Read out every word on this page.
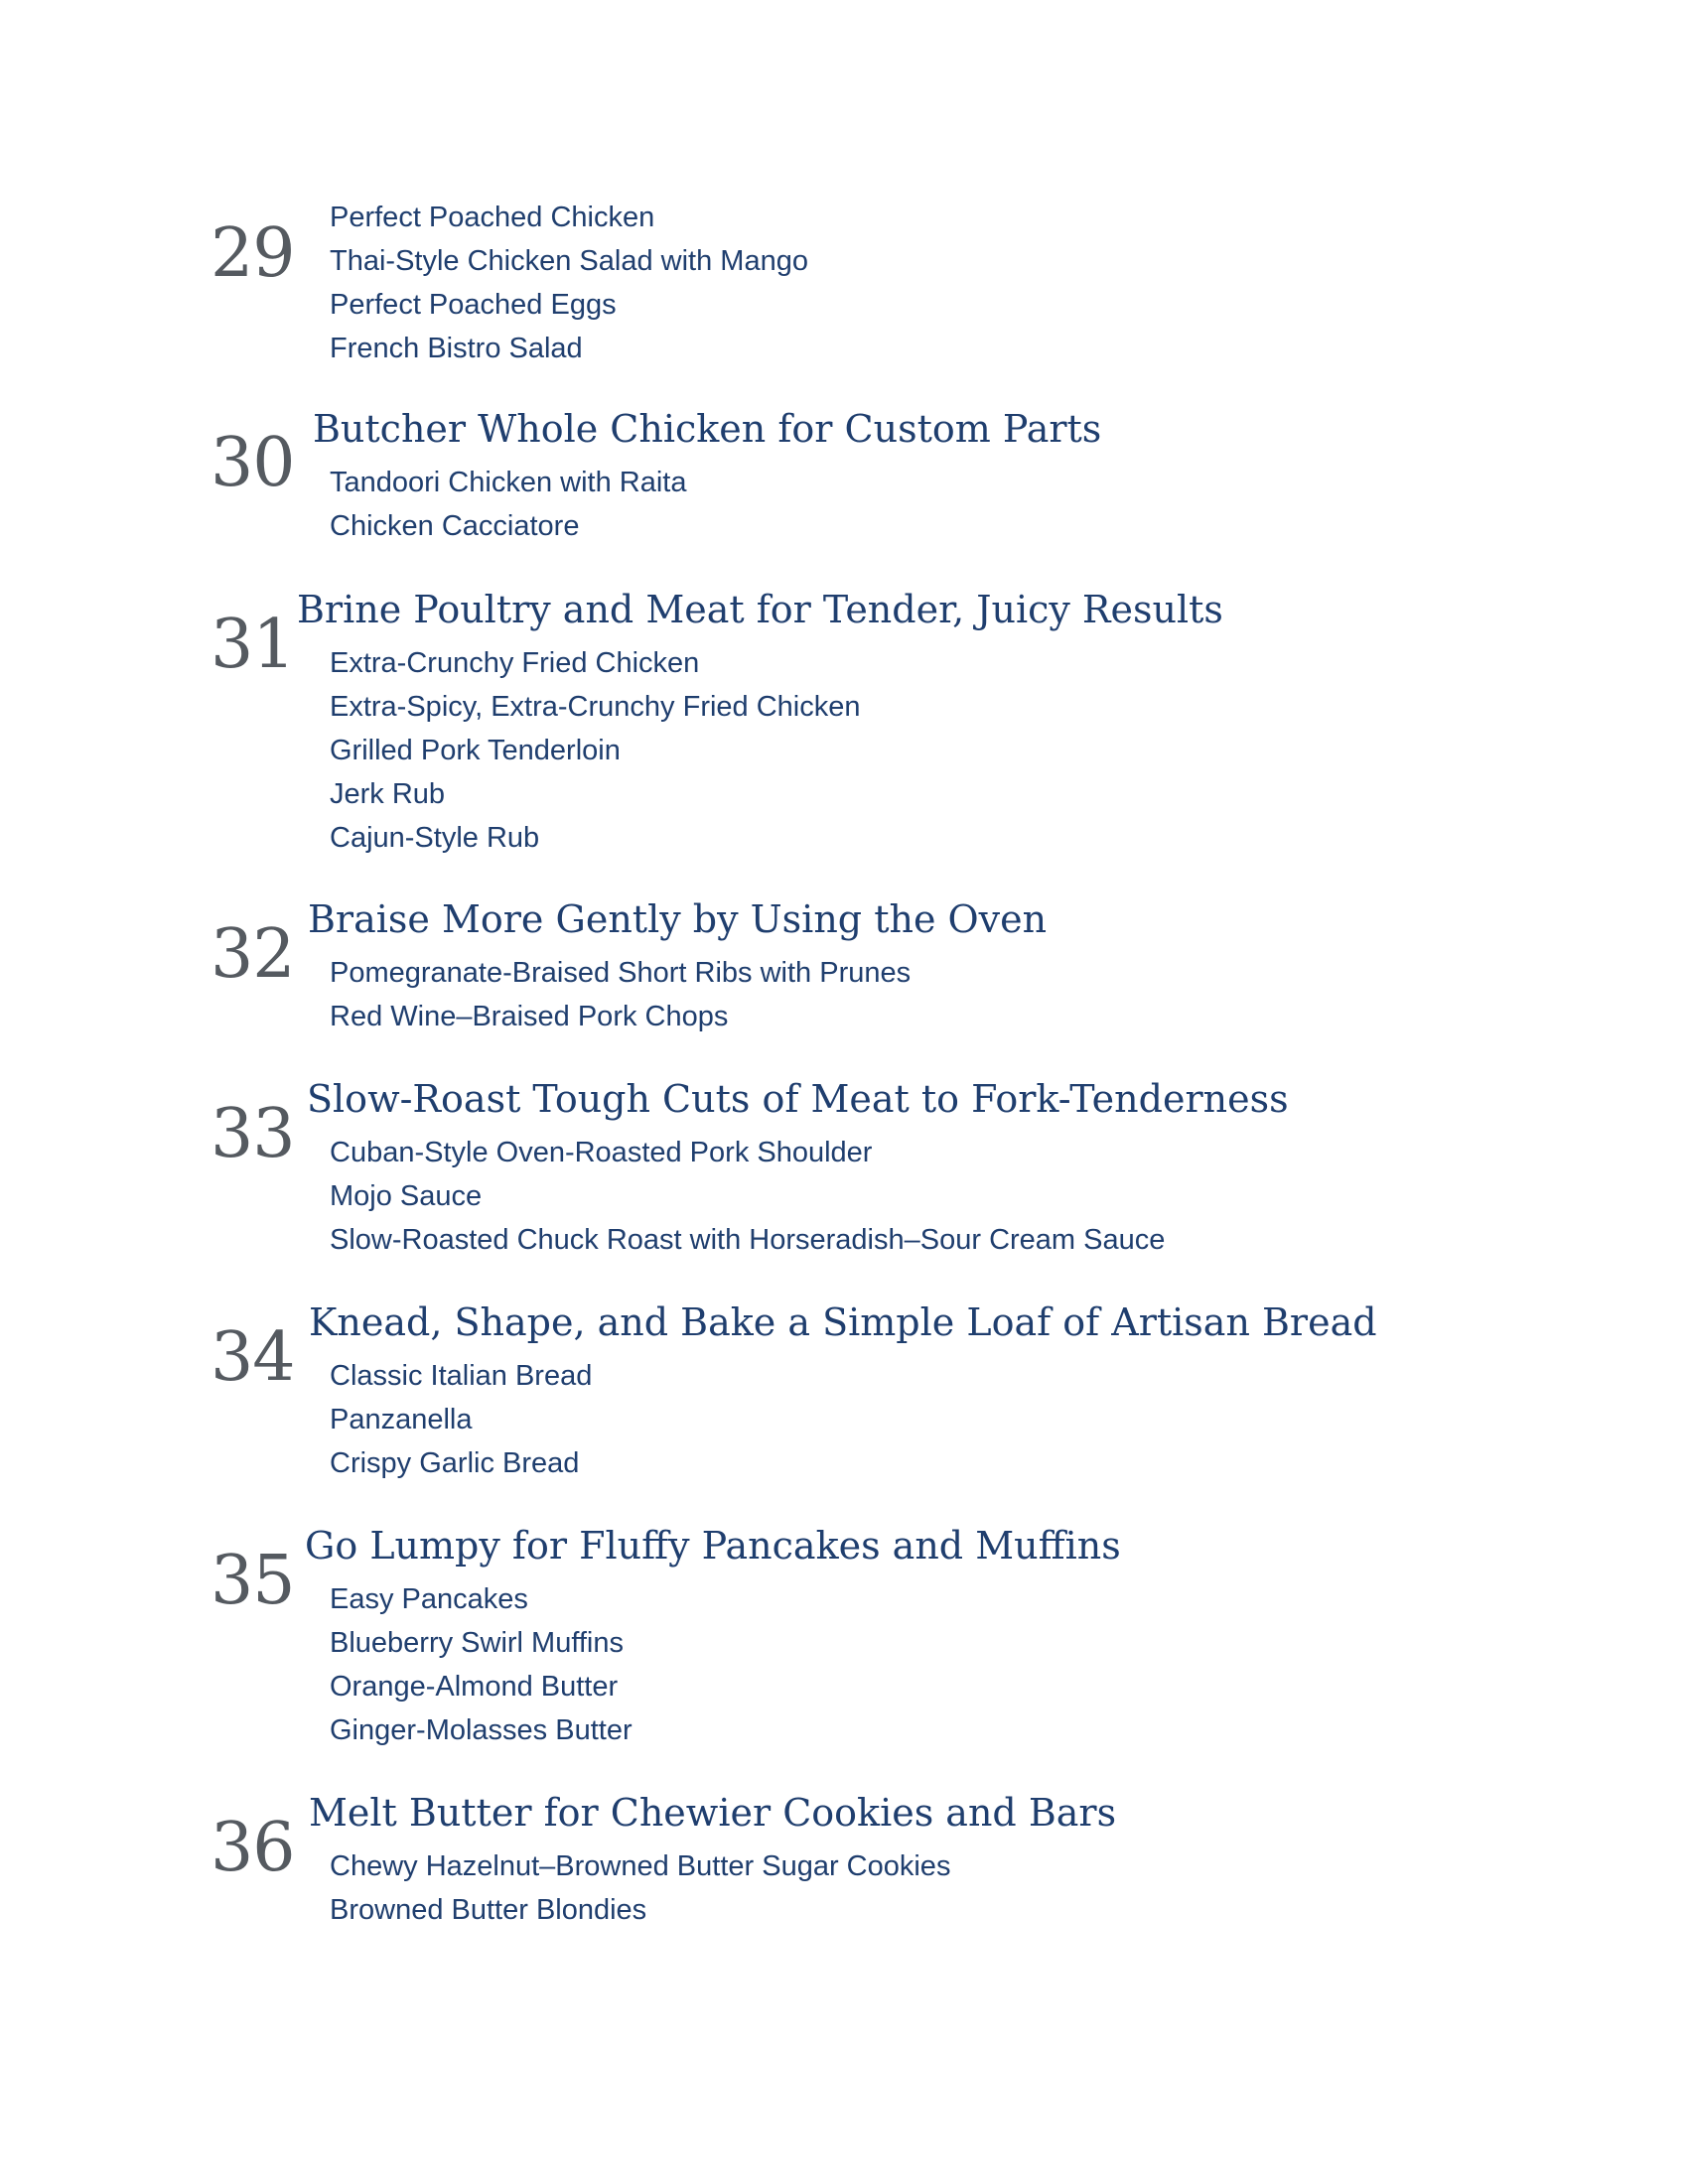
29 Perfect Poached Chicken
Thai-Style Chicken Salad with Mango
Perfect Poached Eggs
French Bistro Salad
30 Butcher Whole Chicken for Custom Parts
Tandoori Chicken with Raita
Chicken Cacciatore
31 Brine Poultry and Meat for Tender, Juicy Results
Extra-Crunchy Fried Chicken
Extra-Spicy, Extra-Crunchy Fried Chicken
Grilled Pork Tenderloin
Jerk Rub
Cajun-Style Rub
32 Braise More Gently by Using the Oven
Pomegranate-Braised Short Ribs with Prunes
Red Wine–Braised Pork Chops
33 Slow-Roast Tough Cuts of Meat to Fork-Tenderness
Cuban-Style Oven-Roasted Pork Shoulder
Mojo Sauce
Slow-Roasted Chuck Roast with Horseradish–Sour Cream Sauce
34 Knead, Shape, and Bake a Simple Loaf of Artisan Bread
Classic Italian Bread
Panzanella
Crispy Garlic Bread
35 Go Lumpy for Fluffy Pancakes and Muffins
Easy Pancakes
Blueberry Swirl Muffins
Orange-Almond Butter
Ginger-Molasses Butter
36 Melt Butter for Chewier Cookies and Bars
Chewy Hazelnut–Browned Butter Sugar Cookies
Browned Butter Blondies
